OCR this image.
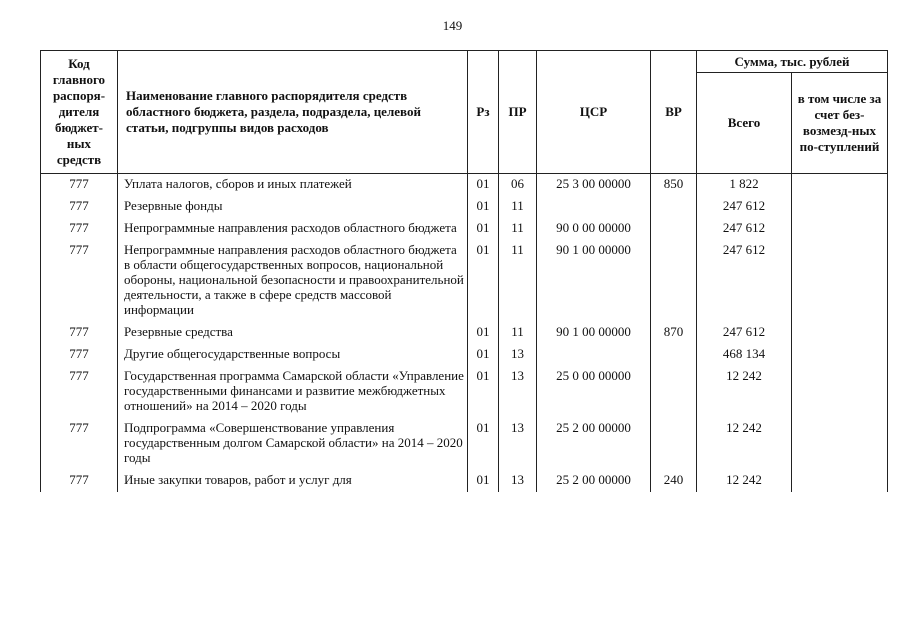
149
Код главного распоря-дителя бюджет-ных средств	Наименование главного распорядителя средств областного бюджета, раздела, подраздела, целевой статьи, подгруппы видов расходов	Рз	ПР	ЦСР	ВР	Сумма, тыс. рублей	
						Всего	в том числе за счет без-возмезд-ных по-ступлений
777	Уплата налогов, сборов и иных платежей	01	06	25 3 00 00000	850	1 822	
777	Резервные фонды	01	11			247 612	
777	Непрограммные направления расходов областного бюджета	01	11	90 0 00 00000		247 612	
777	Непрограммные направления расходов областного бюджета в области общегосударственных вопросов, национальной обороны, национальной безопасности и правоохранительной деятельности, а также в сфере средств массовой информации	01	11	90 1 00 00000		247 612	
777	Резервные средства	01	11	90 1 00 00000	870	247 612	
777	Другие общегосударственные вопросы	01	13			468 134	
777	Государственная программа Самарской области «Управление государственными финансами и развитие межбюджетных отношений» на 2014 – 2020 годы	01	13	25 0 00 00000		12 242	
777	Подпрограмма «Совершенствование управления государственным долгом Самарской области» на 2014 – 2020 годы	01	13	25 2 00 00000		12 242	
777	Иные закупки товаров, работ и услуг для	01	13	25 2 00 00000	240	12 242	
